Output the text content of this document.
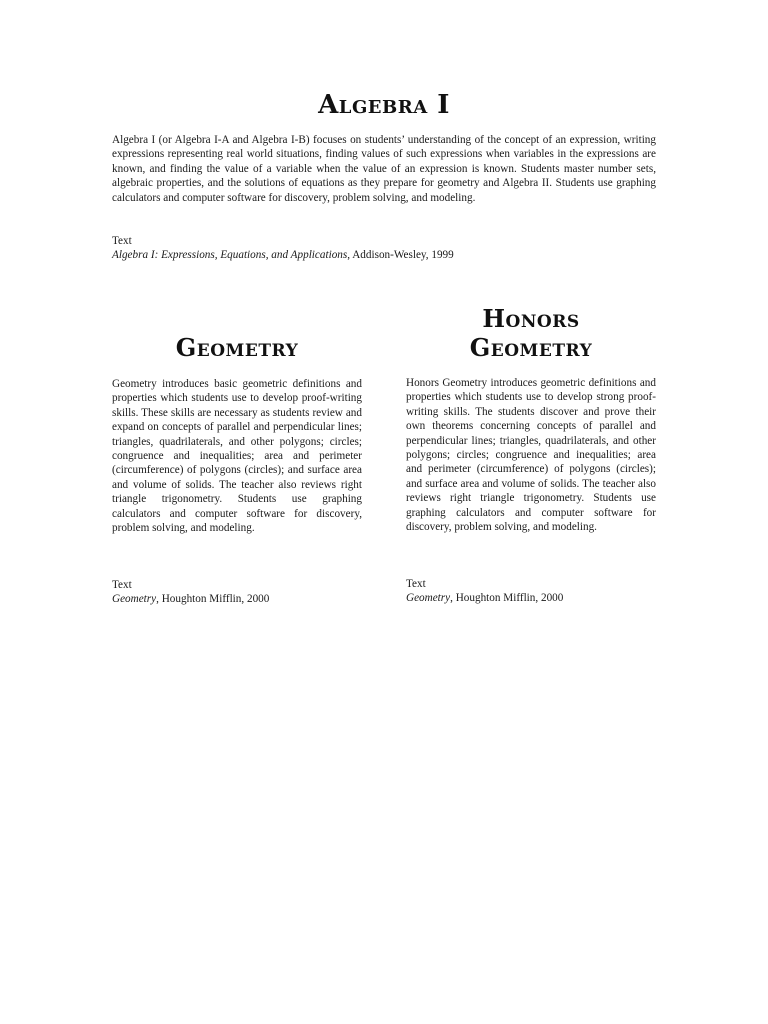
Algebra I

Algebra I (or Algebra I-A and Algebra I-B) focuses on students’ understanding of the concept of an expression, writing expressions representing real world situations, finding values of such expressions when variables in the expressions are known, and finding the value of a variable when the value of an expression is known. Students master number sets, algebraic properties, and the solutions of equations as they prepare for geometry and Algebra II. Students use graphing calculators and computer software for discovery, problem solving, and modeling.

Text
Algebra I: Expressions, Equations, and Applications, Addison-Wesley, 1999
Geometry

Geometry introduces basic geometric definitions and properties which students use to develop proof-writing skills. These skills are necessary as students review and expand on concepts of parallel and perpendicular lines; triangles, quadrilaterals, and other polygons; circles; congruence and inequalities; area and perimeter (circumference) of polygons (circles); and surface area and volume of solids. The teacher also reviews right triangle trigonometry. Students use graphing calculators and computer software for discovery, problem solving, and modeling.

Text
Geometry, Houghton Mifflin, 2000
Honors
Geometry

Honors Geometry introduces geometric definitions and properties which students use to develop strong proof-writing skills. The students discover and prove their own theorems concerning concepts of parallel and perpendicular lines; triangles, quadrilaterals, and other polygons; circles; congruence and inequalities; area and perimeter (circumference) of polygons (circles); and surface area and volume of solids. The teacher also reviews right triangle trigonometry. Students use graphing calculators and computer software for discovery, problem solving, and modeling.

Text
Geometry, Houghton Mifflin, 2000
